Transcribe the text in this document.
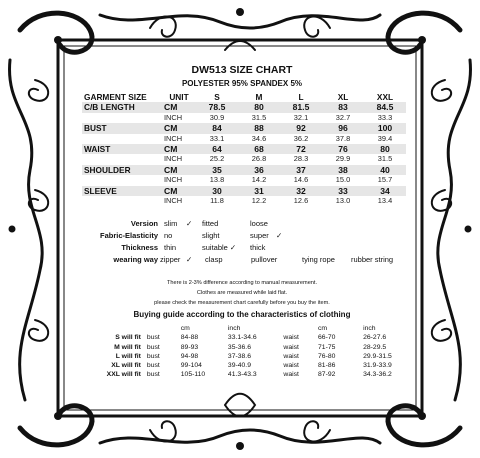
DW513 SIZE CHART
POLYESTER 95% SPANDEX 5%
GARMENT SIZE	UNIT	S	M	L	XL	XXL
C/B LENGTH	CM	78.5	80	81.5	83	84.5
	INCH	30.9	31.5	32.1	32.7	33.3
BUST	CM	84	88	92	96	100
	INCH	33.1	34.6	36.2	37.8	39.4
WAIST	CM	64	68	72	76	80
	INCH	25.2	26.8	28.3	29.9	31.5
SHOULDER	CM	35	36	37	38	40
	INCH	13.8	14.2	14.6	15.0	15.7
SLEEVE	CM	30	31	32	33	34
	INCH	11.8	12.2	12.6	13.0	13.4
Version slim ✓ fitted	loose
Fabric-Elasticity no	slight	super ✓
Thickness thin	suitable ✓ thick
wearing way zipper ✓ clasp	pullover	tying rope rubber string
There is 2-3% difference according to manual measurement.
Clothes are measured while laid flat.
please check the measurement chart carefully before you buy the item.
Buying guide according to the characteristics of clothing
		cm	inch		cm	inch
S will fit	bust	84-88	33.1-34.6	waist	66-70	26-27.6
M will fit	bust	89-93	35-36.6	waist	71-75	28-29.5
L will fit	bust	94-98	37-38.6	waist	76-80	29.9-31.5
XL will fit	bust	99-104	39-40.9	waist	81-86	31.9-33.9
XXL will fit	bust	105-110	41.3-43.3	waist	87-92	34.3-36.2
